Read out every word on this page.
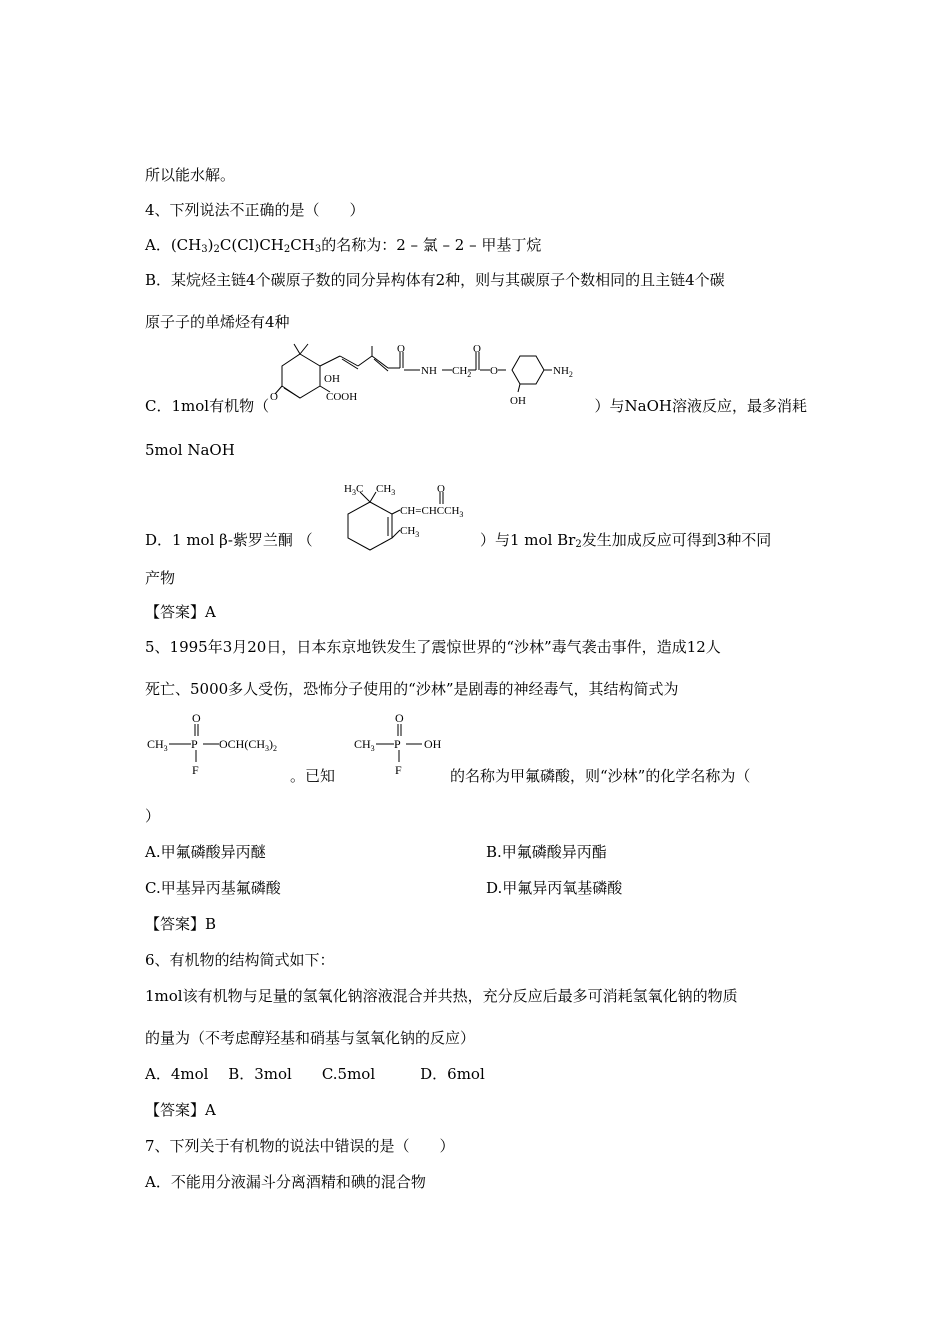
所以能水解。
4、下列说法不正确的是（　　）
A．$(CH_3)_2C(Cl)CH_2CH_3$的名称为：2 – 氯 – 2 – 甲基丁烷
B．某烷烃主链4个碳原子数的同分异构体有2种，则与其碳原子个数相同的且主链4个碳
原子子的单烯烃有4种
OH
COOH
O
O
NH $CH_2$
O
O	$NH_2$
OH
C．1mol有机物（	）与NaOH溶液反应，最多消耗
5mol NaOH
$H_3C$ $CH_3$
$CH=CHCCH_3$
O
$CH_3$
D．1 mol β-紫罗兰酮 （	）与1 mol $Br_2$发生加成反应可得到3种不同
产物
【答案】A
5、1995年3月20日，日本东京地铁发生了震惊世界的“沙林”毒气袭击事件，造成12人
死亡、5000多人受伤，恐怖分子使用的“沙林”是剧毒的神经毒气，其结构简式为
O
$CH_3$ P $OCH(CH_3)_2$
F	。已知
O
$CH_3$ P OH
F	的名称为甲氟磷酸，则“沙林”的化学名称为（
）
A.甲氟磷酸异丙醚	B.甲氟磷酸异丙酯
C.甲基异丙基氟磷酸	D.甲氟异丙氧基磷酸
【答案】B
6、有机物的结构简式如下：
1mol该有机物与足量的氢氧化钠溶液混合并共热，充分反应后最多可消耗氢氧化钠的物质
的量为（不考虑醇羟基和硝基与氢氧化钠的反应）
A．4mol　 B．3mol　　C.5mol　　　D．6mol
【答案】A
7、下列关于有机物的说法中错误的是（　　）
A．不能用分液漏斗分离酒精和碘的混合物
